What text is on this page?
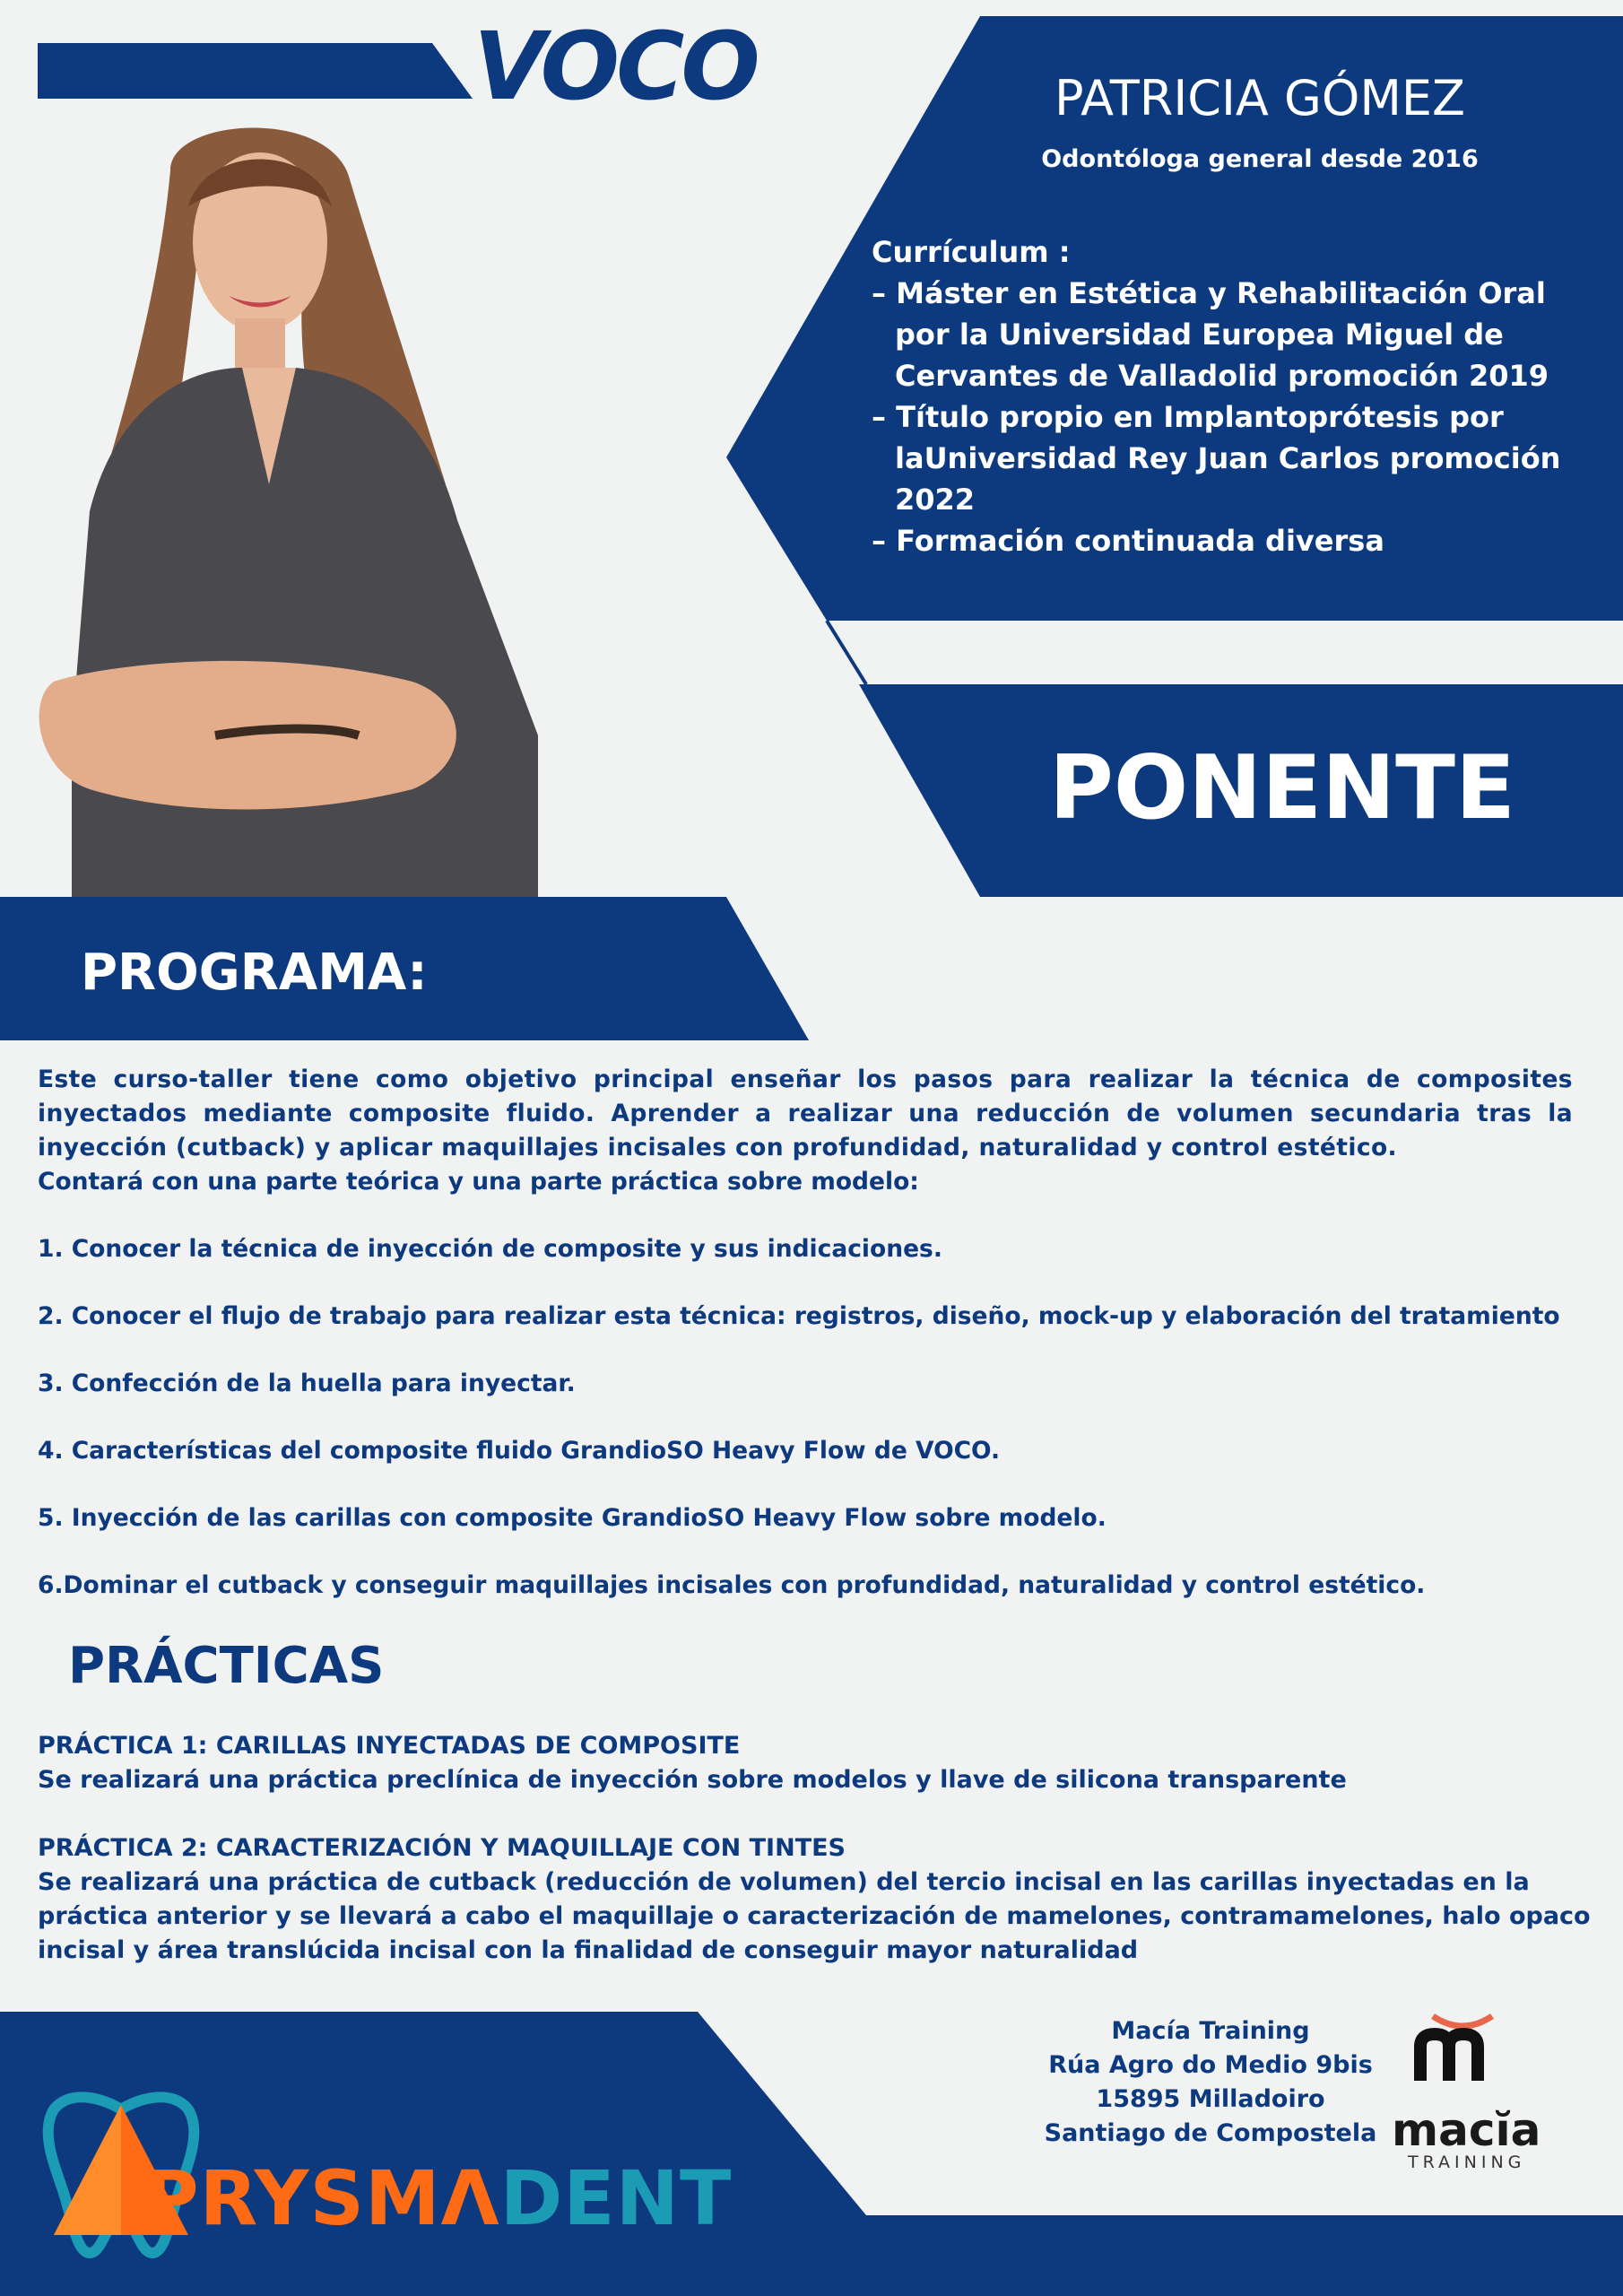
VOCO	PATRICIA GÓMEZ
Odontóloga general desde 2016
Currículum :
– Máster en Estética y Rehabilitación Oral por la Universidad Europea Miguel de Cervantes de Valladolid promoción 2019
– Título propio en Implantoprótesis por laUniversidad Rey Juan Carlos promoción 2022
– Formación continuada diversa
PONENTE
PROGRAMA:
Este curso-taller tiene como objetivo principal enseñar los pasos para realizar la técnica de composites inyectados mediante composite fluido. Aprender a realizar una reducción de volumen secundaria tras la inyección (cutback) y aplicar maquillajes incisales con profundidad, naturalidad y control estético.
Contará con una parte teórica y una parte práctica sobre modelo:
1. Conocer la técnica de inyección de composite y sus indicaciones.
2. Conocer el flujo de trabajo para realizar esta técnica: registros, diseño, mock-up y elaboración del tratamiento
3. Confección de la huella para inyectar.
4. Características del composite fluido GrandioSO Heavy Flow de VOCO.
5. Inyección de las carillas con composite GrandioSO Heavy Flow sobre modelo.
6.Dominar el cutback y conseguir maquillajes incisales con profundidad, naturalidad y control estético.
PRÁCTICAS
PRÁCTICA 1: CARILLAS INYECTADAS DE COMPOSITE
Se realizará una práctica preclínica de inyección sobre modelos y llave de silicona transparente
PRÁCTICA 2: CARACTERIZACIÓN Y MAQUILLAJE CON TINTES
Se realizará una práctica de cutback (reducción de volumen) del tercio incisal en las carillas inyectadas en la práctica anterior y se llevará a cabo el maquillaje o caracterización de mamelones, contramamelones, halo opaco incisal y área translúcida incisal con la finalidad de conseguir mayor naturalidad
Macía Training
Rúa Agro do Medio 9bis
15895 Milladoiro
Santiago de Compostela macĭa
TRAINING
PRYSMΛDENT
